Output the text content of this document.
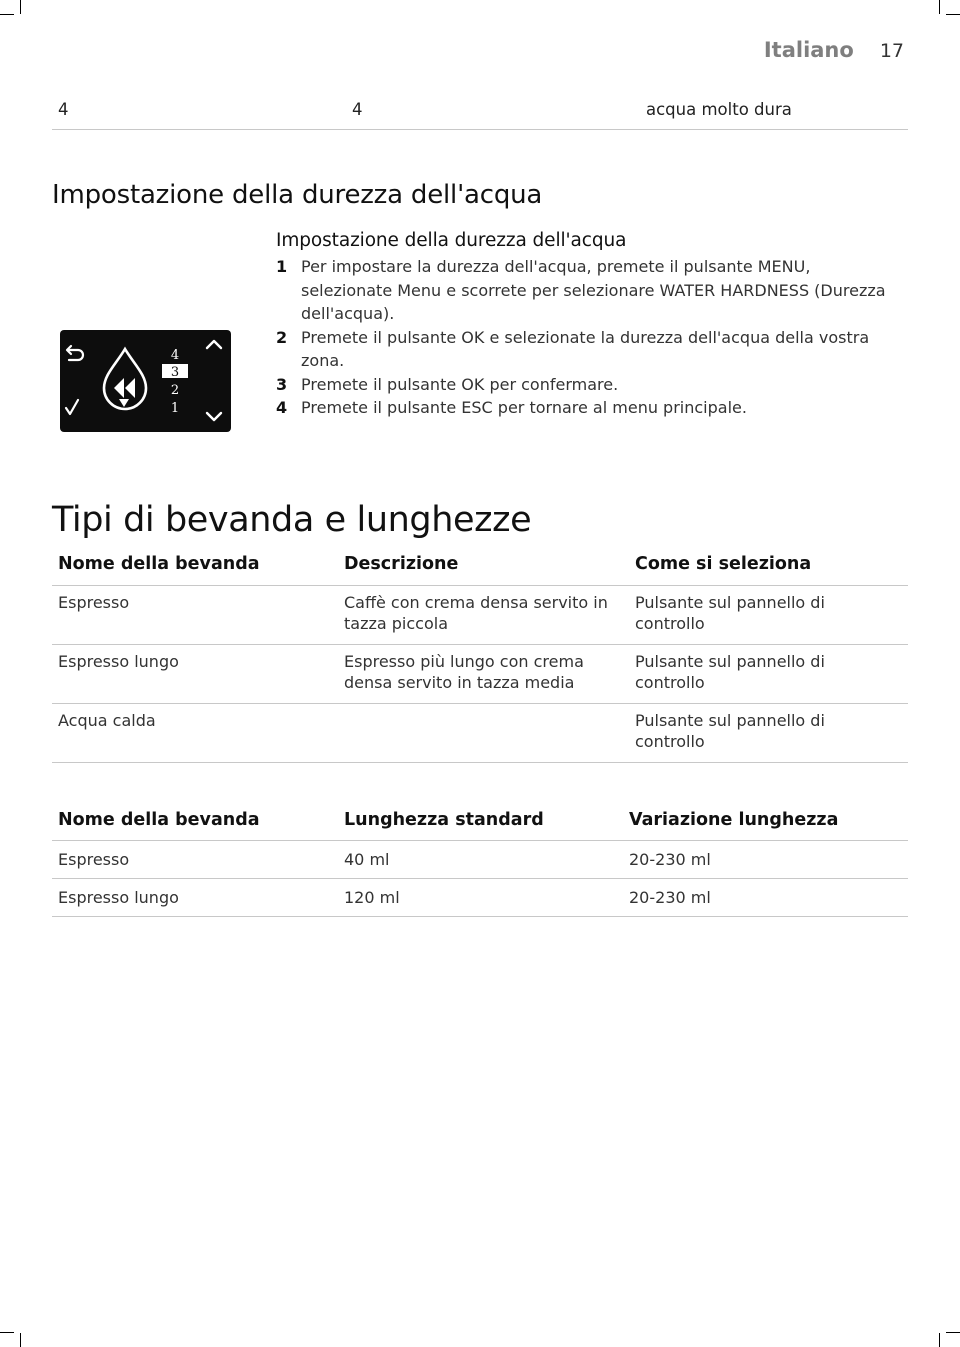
Italiano 17
4	4	acqua molto dura
Impostazione della durezza dell'acqua
4
3
2
1
Impostazione della durezza dell'acqua
1 Per impostare la durezza dell'acqua, premete il pulsante MENU, selezionate Menu e scorrete per selezionare WATER HARDNESS (Durezza dell'acqua).
2 Premete il pulsante OK e selezionate la durezza dell'acqua della vostra zona.
3 Premete il pulsante OK per confermare.
4 Premete il pulsante ESC per tornare al menu principale.
Tipi di bevanda e lunghezze
Nome della bevanda	Descrizione	Come si seleziona
Espresso	Caffè con crema densa servito in tazza piccola	Pulsante sul pannello di controllo
Espresso lungo	Espresso più lungo con crema densa servito in tazza media	Pulsante sul pannello di controllo
Acqua calda		Pulsante sul pannello di controllo
Nome della bevanda	Lunghezza standard	Variazione lunghezza
Espresso	40 ml	20-230 ml
Espresso lungo	120 ml	20-230 ml
